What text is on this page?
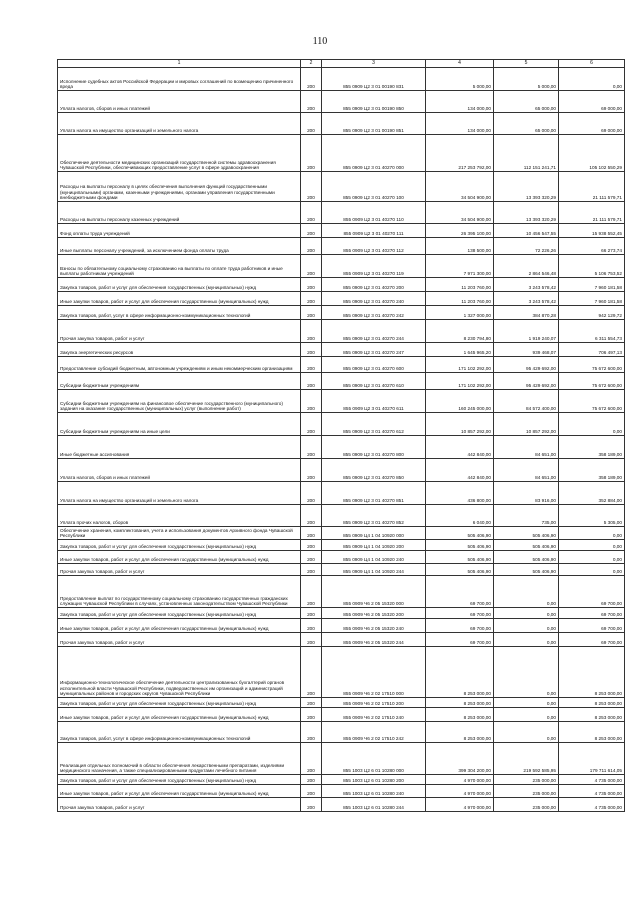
110
1	2	3	4	5	6
Исполнение судебных актов Российской Федерации и мировых соглашений по возмещению причиненного вреда	200	855 0909 Ц2 3 01 00190 831	5 000,00	5 000,00	0,00
Уплата налогов, сборов и иных платежей	200	855 0909 Ц2 3 01 00190 850	134 000,00	65 000,00	69 000,00
Уплата налога на имущество организаций и земельного налога	200	855 0909 Ц2 3 01 00190 851	134 000,00	65 000,00	69 000,00
Обеспечение деятельности медицинских организаций государственной системы здравоохранения Чувашской Республики, обеспечивающих предоставление услуг в сфере здравоохранения	200	855 0909 Ц2 3 01 40270 000	217 253 792,00	112 151 241,71	105 102 550,29
Расходы на выплаты персоналу в целях обеспечения выполнения функций государственными (муниципальными) органами, казенными учреждениями, органами управления государственными внебюджетными фондами	200	855 0909 Ц2 3 01 40270 100	34 504 900,00	13 393 320,29	21 111 579,71
Расходы на выплаты персоналу казенных учреждений	200	855 0909 Ц2 3 01 40270 110	34 504 900,00	13 393 320,29	21 111 579,71
Фонд оплаты труда учреждений	200	855 0909 Ц2 3 01 40270 111	26 395 100,00	10 456 547,55	15 938 552,45
Иные выплаты персоналу учреждений, за исключением фонда оплаты труда	200	855 0909 Ц2 3 01 40270 112	138 500,00	72 226,26	66 273,74
Взносы по обязательному социальному страхованию на выплаты по оплате труда работников и иные выплаты работникам учреждений	200	855 0909 Ц2 3 01 40270 119	7 971 300,00	2 864 546,48	5 106 753,52
Закупка товаров, работ и услуг для обеспечения государственных (муниципальных) нужд	200	855 0909 Ц2 3 01 40270 200	11 203 760,00	3 243 578,42	7 960 181,58
Иные закупки товаров, работ и услуг для обеспечения государственных (муниципальных) нужд	200	855 0909 Ц2 3 01 40270 240	11 203 760,00	3 243 578,42	7 960 181,58
Закупка товаров, работ, услуг в сфере информационно-коммуникационных технологий	200	855 0909 Ц2 3 01 40270 242	1 327 000,00	384 870,28	942 129,72
Прочая закупка товаров, работ и услуг	200	855 0909 Ц2 3 01 40270 244	8 230 794,80	1 919 240,07	6 311 554,73
Закупка энергетических ресурсов	200	855 0909 Ц2 3 01 40270 247	1 645 965,20	939 468,07	706 497,13
Предоставление субсидий бюджетным, автономным учреждениям и иным некоммерческим организациям	200	855 0909 Ц2 3 01 40270 600	171 102 292,00	95 429 692,00	75 672 600,00
Субсидии бюджетным учреждениям	200	855 0909 Ц2 3 01 40270 610	171 102 292,00	95 429 692,00	75 672 600,00
Субсидии бюджетным учреждениям на финансовое обеспечение государственного (муниципального) задания на оказание государственных (муниципальных) услуг (выполнение работ)	200	855 0909 Ц2 3 01 40270 611	160 245 000,00	84 572 400,00	75 672 600,00
Субсидии бюджетным учреждениям на иные цели	200	855 0909 Ц2 3 01 40270 612	10 857 292,00	10 857 292,00	0,00
Иные бюджетные ассигнования	200	855 0909 Ц2 3 01 40270 800	442 840,00	84 651,00	358 189,00
Уплата налогов, сборов и иных платежей	200	855 0909 Ц2 3 01 40270 850	442 840,00	84 651,00	358 189,00
Уплата налога на имущество организаций и земельного налога	200	855 0909 Ц2 3 01 40270 851	436 800,00	83 916,00	352 884,00
Уплата прочих налогов, сборов	200	855 0909 Ц2 3 01 40270 852	6 040,00	735,00	5 305,00
Обеспечение хранения, комплектования, учета и использования документов Архивного фонда Чувашской Республики	200	855 0909 Ц4 1 04 10920 000	505 406,90	505 406,90	0,00
Закупка товаров, работ и услуг для обеспечения государственных (муниципальных) нужд	200	855 0909 Ц4 1 04 10920 200	505 406,90	505 406,90	0,00
Иные закупки товаров, работ и услуг для обеспечения государственных (муниципальных) нужд	200	855 0909 Ц4 1 04 10920 240	505 406,90	505 406,90	0,00
Прочая закупка товаров, работ и услуг	200	855 0909 Ц4 1 04 10920 244	505 406,90	505 406,90	0,00
Предоставление выплат по государственному социальному страхованию государственных гражданских служащих Чувашской Республики в случаях, установленных законодательством Чувашской Республики	200	855 0909 Ч6 2 05 15320 000	69 700,00	0,00	69 700,00
Закупка товаров, работ и услуг для обеспечения государственных (муниципальных) нужд	200	855 0909 Ч6 2 05 15320 200	69 700,00	0,00	69 700,00
Иные закупки товаров, работ и услуг для обеспечения государственных (муниципальных) нужд	200	855 0909 Ч6 2 05 15320 240	69 700,00	0,00	69 700,00
Прочая закупка товаров, работ и услуг	200	855 0909 Ч6 2 05 15320 244	69 700,00	0,00	69 700,00
Информационно-технологическое обеспечение деятельности централизованных бухгалтерий органов исполнительной власти Чувашской Республики, подведомственных им организаций и администраций муниципальных районов и городских округов Чувашской Республики	200	855 0909 Ч6 2 02 17510 000	8 253 000,00	0,00	8 253 000,00
Закупка товаров, работ и услуг для обеспечения государственных (муниципальных) нужд	200	855 0909 Ч6 2 02 17510 200	8 253 000,00	0,00	8 253 000,00
Иные закупки товаров, работ и услуг для обеспечения государственных (муниципальных) нужд	200	855 0909 Ч6 2 02 17510 240	8 253 000,00	0,00	8 253 000,00
Закупка товаров, работ, услуг в сфере информационно-коммуникационных технологий	200	855 0909 Ч6 2 02 17510 242	8 253 000,00	0,00	8 253 000,00
Реализация отдельных полномочий в области обеспечения лекарственными препаратами, изделиями медицинского назначения, а также специализированными продуктами лечебного питания	200	855 1003 Ц2 6 01 10280 000	399 304 200,00	219 592 585,95	179 711 614,05
Закупка товаров, работ и услуг для обеспечения государственных (муниципальных) нужд	200	855 1003 Ц2 6 01 10280 200	4 970 000,00	235 000,00	4 735 000,00
Иные закупки товаров, работ и услуг для обеспечения государственных (муниципальных) нужд	200	855 1003 Ц2 6 01 10280 240	4 970 000,00	235 000,00	4 735 000,00
Прочая закупка товаров, работ и услуг	200	855 1003 Ц2 6 01 10280 244	4 970 000,00	235 000,00	4 735 000,00
